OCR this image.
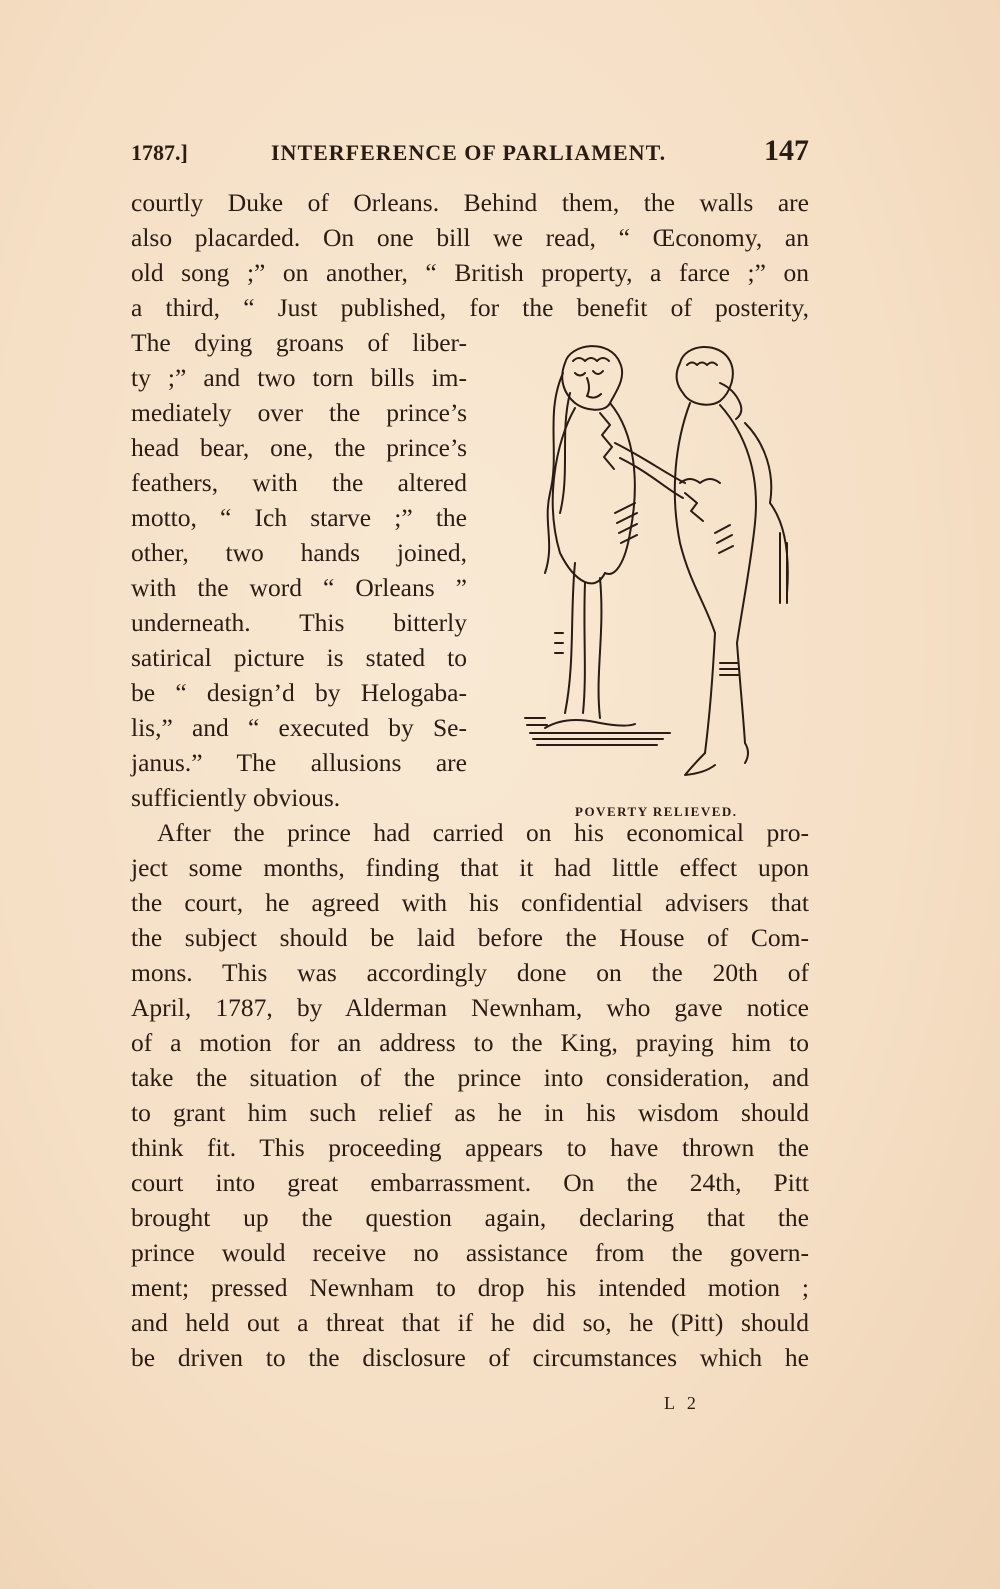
1787.]	INTERFERENCE OF PARLIAMENT.	147
courtly Duke of Orleans. Behind them, the walls are
also placarded. On one bill we read, “ Œconomy, an
old song ;” on another, “ British property, a farce ;” on
a third, “ Just published, for the benefit of posterity,
The dying groans of liber-
ty ;” and two torn bills im-
mediately over the prince’s
head bear, one, the prince’s
feathers, with the altered
motto, “ Ich starve ;” the
other, two hands joined,
with the word “ Orleans ”
underneath. This bitterly
satirical picture is stated to
be “ design’d by Helogaba-
lis,” and “ executed by Se-
janus.” The allusions are
sufficiently obvious.	POVERTY RELIEVED.
After the prince had carried on his economical pro-
ject some months, finding that it had little effect upon
the court, he agreed with his confidential advisers that
the subject should be laid before the House of Com-
mons. This was accordingly done on the 20th of
April, 1787, by Alderman Newnham, who gave notice
of a motion for an address to the King, praying him to
take the situation of the prince into consideration, and
to grant him such relief as he in his wisdom should
think fit. This proceeding appears to have thrown the
court into great embarrassment. On the 24th, Pitt
brought up the question again, declaring that the
prince would receive no assistance from the govern-
ment; pressed Newnham to drop his intended motion ;
and held out a threat that if he did so, he (Pitt) should
be driven to the disclosure of circumstances which he
L 2
